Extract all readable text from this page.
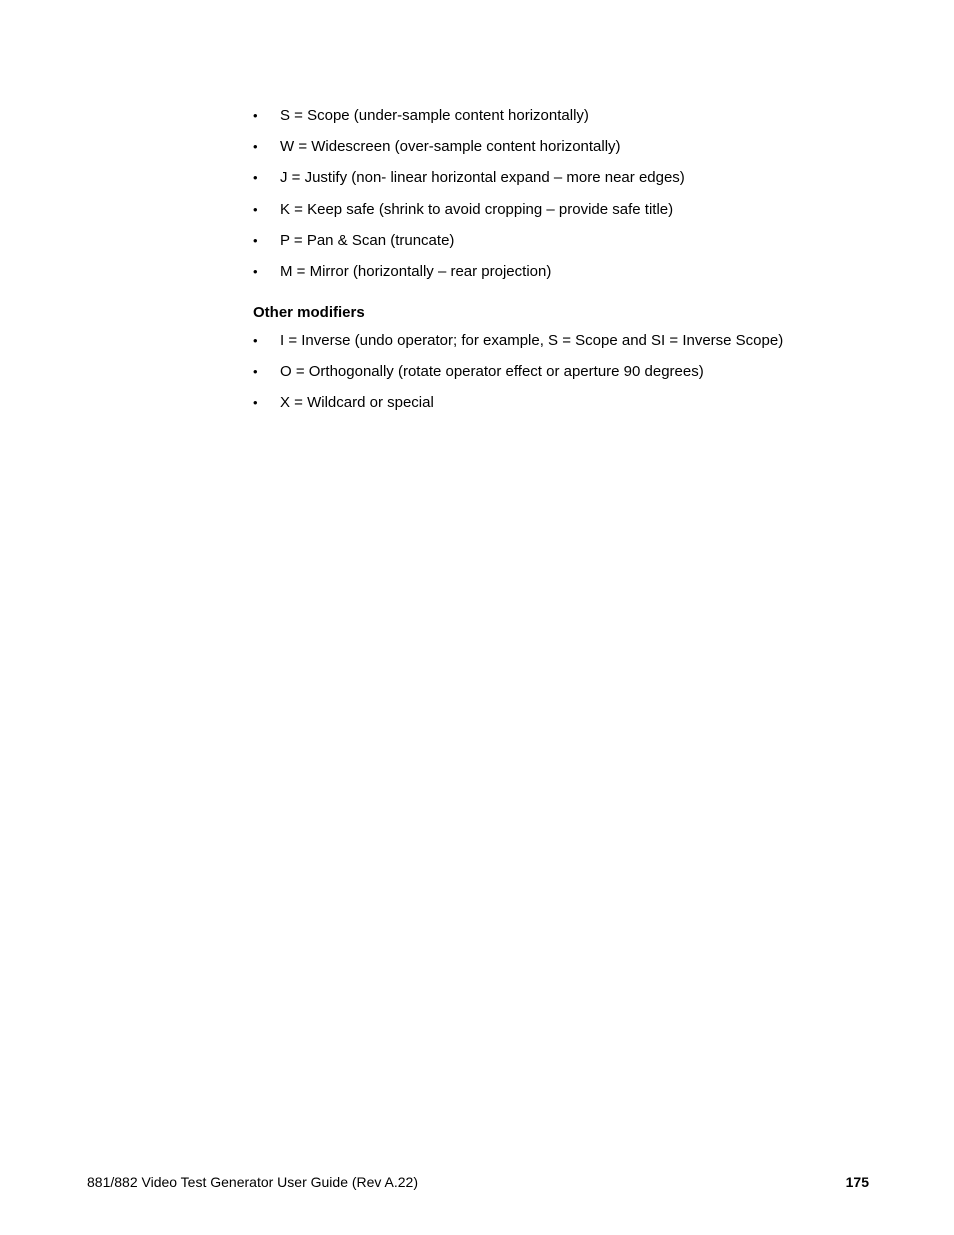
• S = Scope (under-sample content horizontally)
• W = Widescreen (over-sample content horizontally)
• J = Justify (non- linear horizontal expand – more near edges)
• K = Keep safe (shrink to avoid cropping – provide safe title)
• P = Pan & Scan (truncate)
• M = Mirror (horizontally – rear projection)
Other modifiers
• I = Inverse (undo operator; for example, S = Scope and SI = Inverse Scope)
• O = Orthogonally (rotate operator effect or aperture 90 degrees)
• X = Wildcard or special
881/882 Video Test Generator User Guide (Rev A.22)	175
